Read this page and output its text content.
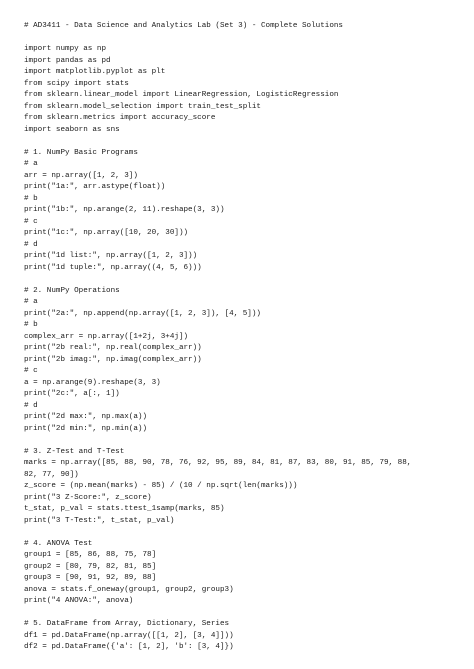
# AD3411 - Data Science and Analytics Lab (Set 3) - Complete Solutions
import numpy as np
import pandas as pd
import matplotlib.pyplot as plt
from scipy import stats
from sklearn.linear_model import LinearRegression, LogisticRegression
from sklearn.model_selection import train_test_split
from sklearn.metrics import accuracy_score
import seaborn as sns
# 1. NumPy Basic Programs
# a
arr = np.array([1, 2, 3])
print("1a:", arr.astype(float))
# b
print("1b:", np.arange(2, 11).reshape(3, 3))
# c
print("1c:", np.array([10, 20, 30]))
# d
print("1d list:", np.array([1, 2, 3]))
print("1d tuple:", np.array((4, 5, 6)))
# 2. NumPy Operations
# a
print("2a:", np.append(np.array([1, 2, 3]), [4, 5]))
# b
complex_arr = np.array([1+2j, 3+4j])
print("2b real:", np.real(complex_arr))
print("2b imag:", np.imag(complex_arr))
# c
a = np.arange(9).reshape(3, 3)
print("2c:", a[:, 1])
# d
print("2d max:", np.max(a))
print("2d min:", np.min(a))
# 3. Z-Test and T-Test
marks = np.array([85, 88, 90, 78, 76, 92, 95, 89, 84, 81, 87, 83, 80, 91, 85, 79, 88,
82, 77, 90])
z_score = (np.mean(marks) - 85) / (10 / np.sqrt(len(marks)))
print("3 Z-Score:", z_score)
t_stat, p_val = stats.ttest_1samp(marks, 85)
print("3 T-Test:", t_stat, p_val)
# 4. ANOVA Test
group1 = [85, 86, 88, 75, 78]
group2 = [80, 79, 82, 81, 85]
group3 = [90, 91, 92, 89, 88]
anova = stats.f_oneway(group1, group2, group3)
print("4 ANOVA:", anova)
# 5. DataFrame from Array, Dictionary, Series
df1 = pd.DataFrame(np.array([[1, 2], [3, 4]]))
df2 = pd.DataFrame({'a': [1, 2], 'b': [3, 4]})
